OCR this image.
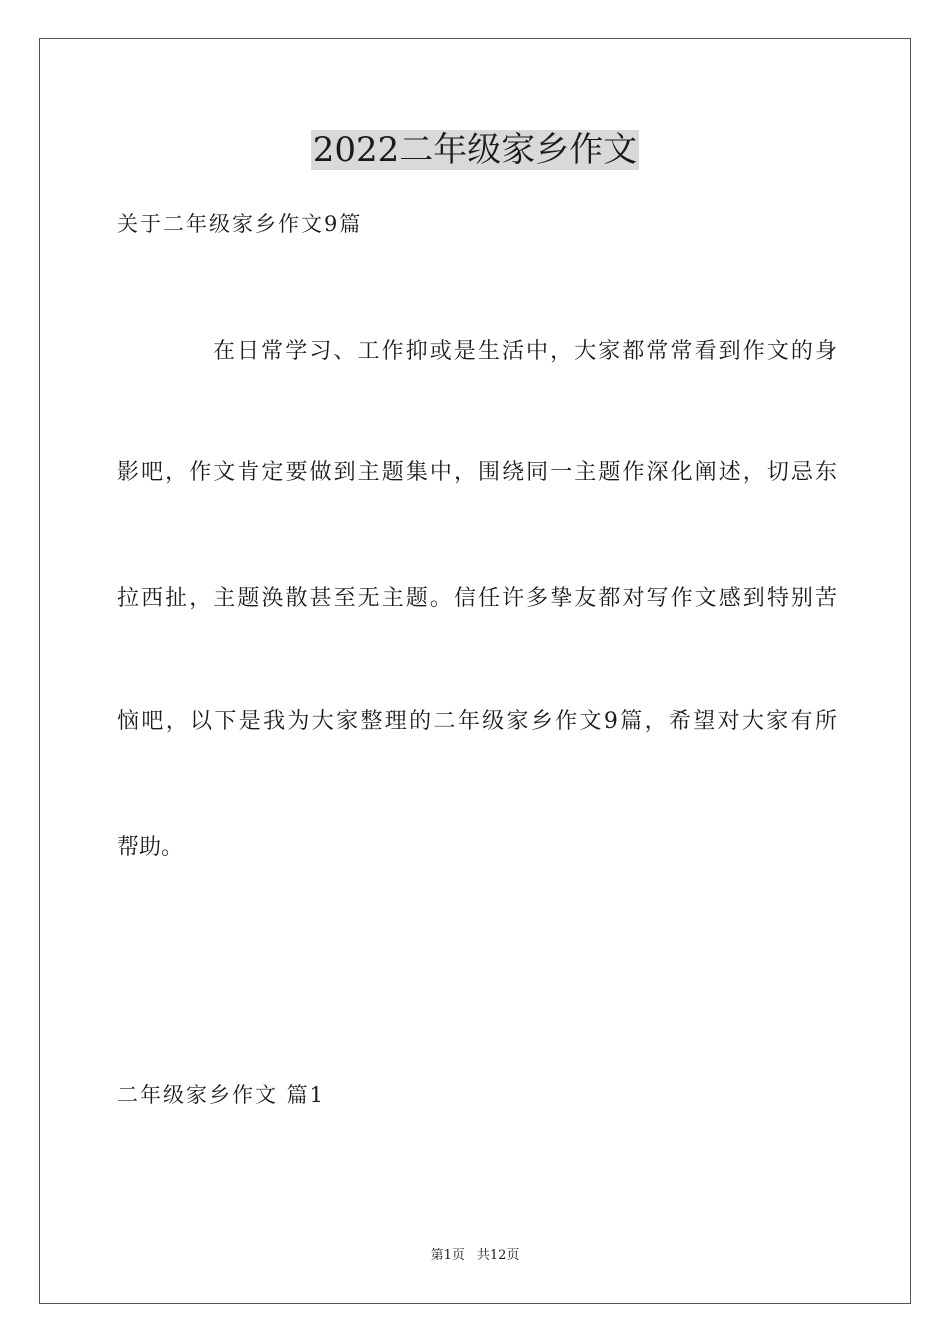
2022二年级家乡作文
关于二年级家乡作文9篇
在日常学习、工作抑或是生活中，大家都常常看到作文的身
影吧，作文肯定要做到主题集中，围绕同一主题作深化阐述，切忌东
拉西扯，主题涣散甚至无主题。信任许多挚友都对写作文感到特别苦
恼吧，以下是我为大家整理的二年级家乡作文9篇，希望对大家有所
帮助。
二年级家乡作文 篇1
第1页 共12页
